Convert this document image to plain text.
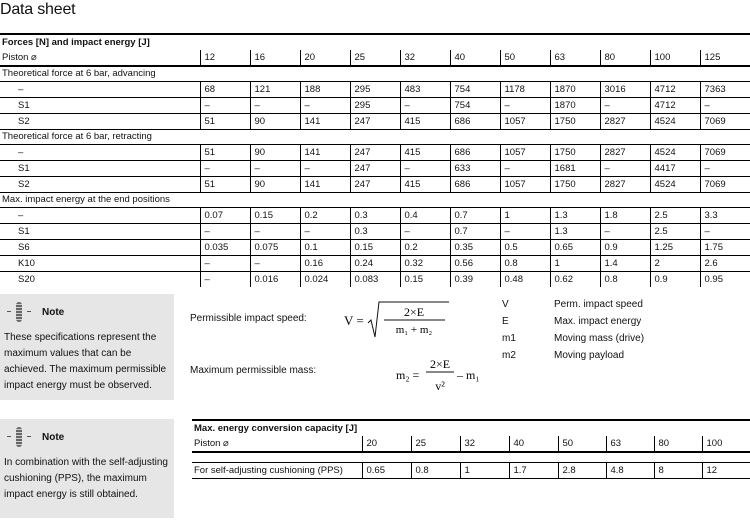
Data sheet
Forces [N] and impact energy [J]											
Piston ⌀	12	16	20	25	32	40	50	63	80	100	125
Theoretical force at 6 bar, advancing											
–	68	121	188	295	483	754	1178	1870	3016	4712	7363
S1	–	–	–	295	–	754	–	1870	–	4712	–
S2	51	90	141	247	415	686	1057	1750	2827	4524	7069
Theoretical force at 6 bar, retracting											
–	51	90	141	247	415	686	1057	1750	2827	4524	7069
S1	–	–	–	247	–	633	–	1681	–	4417	–
S2	51	90	141	247	415	686	1057	1750	2827	4524	7069
Max. impact energy at the end positions											
–	0.07	0.15	0.2	0.3	0.4	0.7	1	1.3	1.8	2.5	3.3
S1	–	–	–	0.3	–	0.7	–	1.3	–	2.5	–
S6	0.035	0.075	0.1	0.15	0.2	0.35	0.5	0.65	0.9	1.25	1.75
K10	–	–	0.16	0.24	0.32	0.56	0.8	1	1.4	2	2.6
S20	–	0.016	0.024	0.083	0.15	0.39	0.48	0.62	0.8	0.9	0.95
Note
These specifications represent the maximum values that can be achieved. The maximum permissible impact energy must be observed.
Permissible impact speed:	V =
2×E
m₁ + m₂
Maximum permissible mass:	m₂ =
2×E
v²
– m₁
V	Perm. impact speed
E	Max. impact energy
m1	Moving mass (drive)
m2	Moving payload
Note
In combination with the self-adjusting cushioning (PPS), the maximum impact energy is still obtained.
Max. energy conversion capacity [J]								
Piston ⌀	20	25	32	40	50	63	80	100

For self-adjusting cushioning (PPS)	0.65	0.8	1	1.7	2.8	4.8	8	12
